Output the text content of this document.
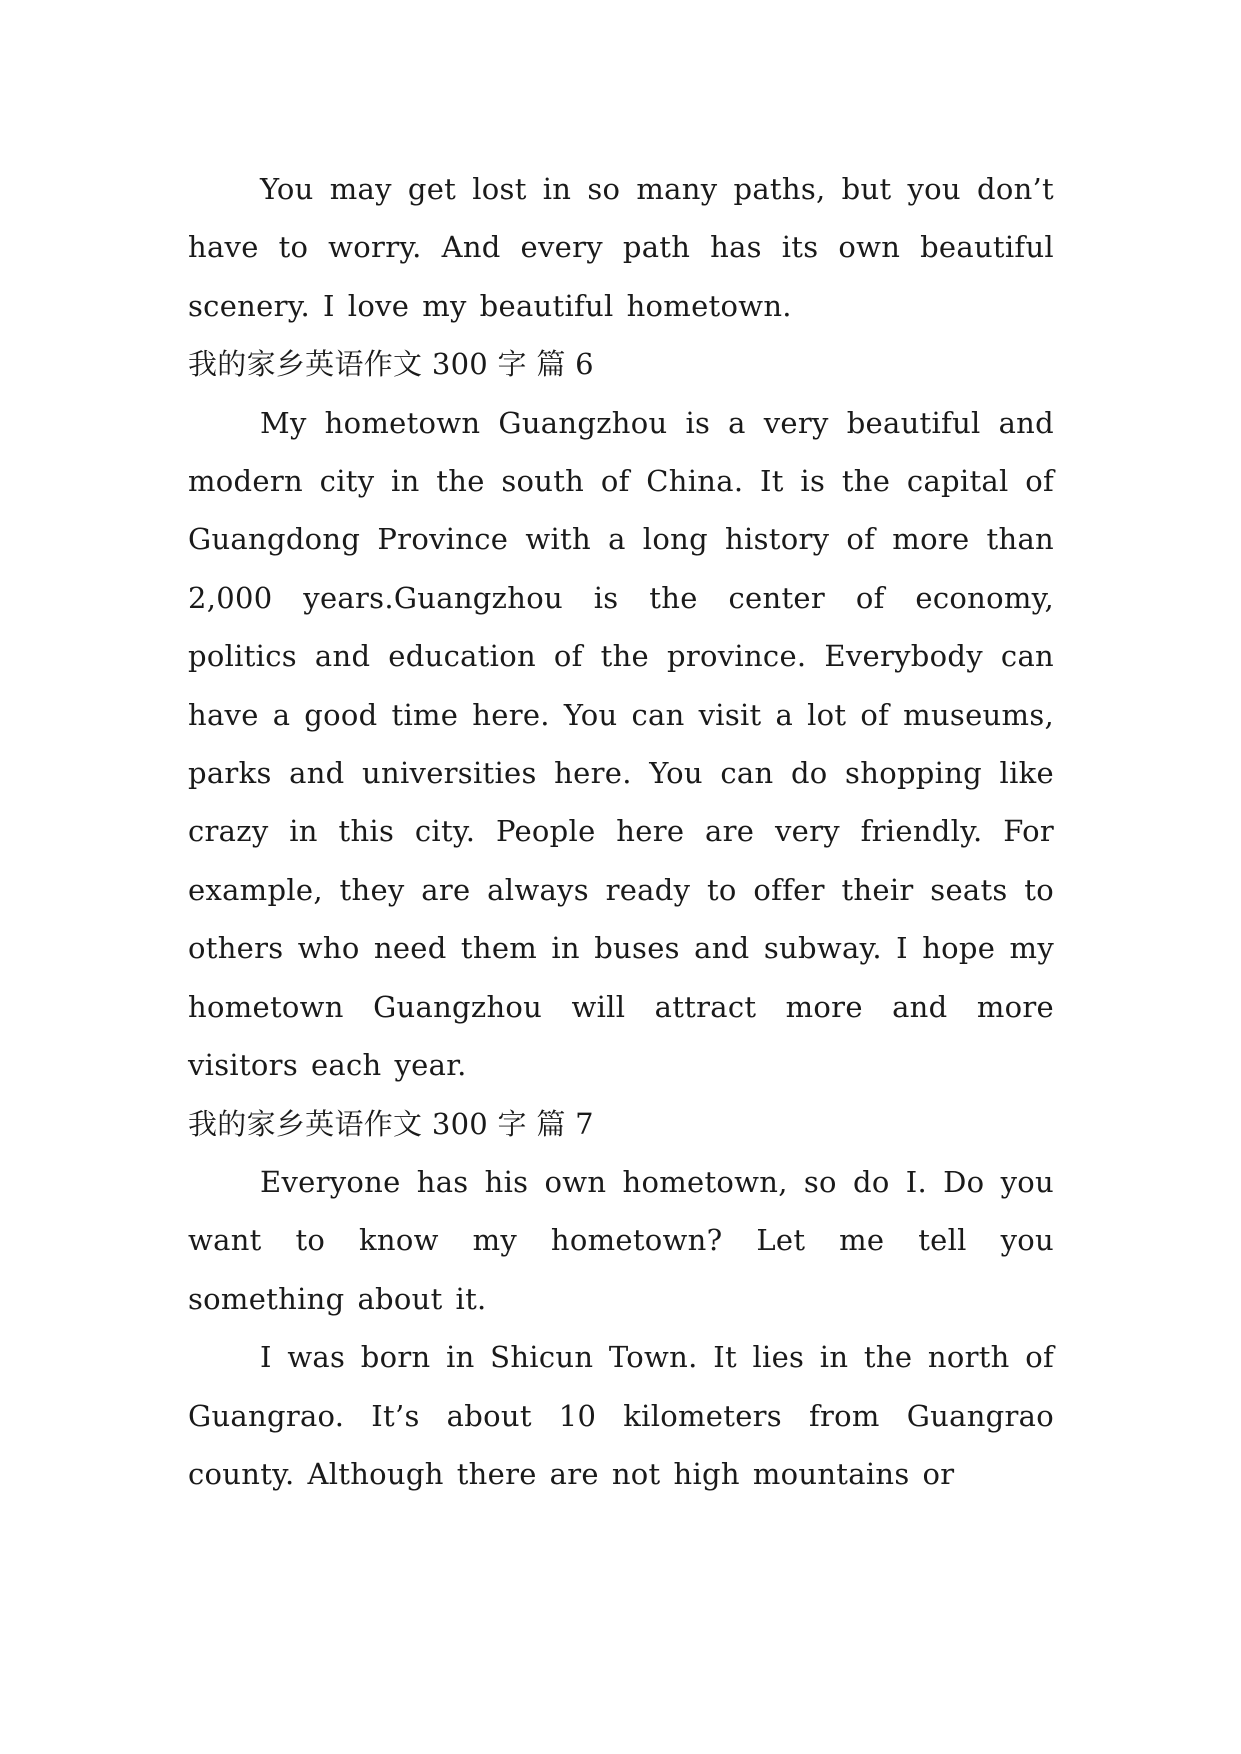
You may get lost in so many paths, but you don’t have to worry. And every path has its own beautiful scenery. I love my beautiful hometown.

我的家乡英语作文 300 字 篇 6

My hometown Guangzhou is a very beautiful and modern city in the south of China. It is the capital of Guangdong Province with a long history of more than 2,000 years.Guangzhou is the center of economy, politics and education of the province. Everybody can have a good time here. You can visit a lot of museums, parks and universities here. You can do shopping like crazy in this city. People here are very friendly. For example, they are always ready to offer their seats to others who need them in buses and subway. I hope my hometown Guangzhou will attract more and more visitors each year.

我的家乡英语作文 300 字 篇 7

Everyone has his own hometown, so do I. Do you want to know my hometown? Let me tell you something about it.

I was born in Shicun Town. It lies in the north of Guangrao. It’s about 10 kilometers from Guangrao county. Although there are not high mountains or
